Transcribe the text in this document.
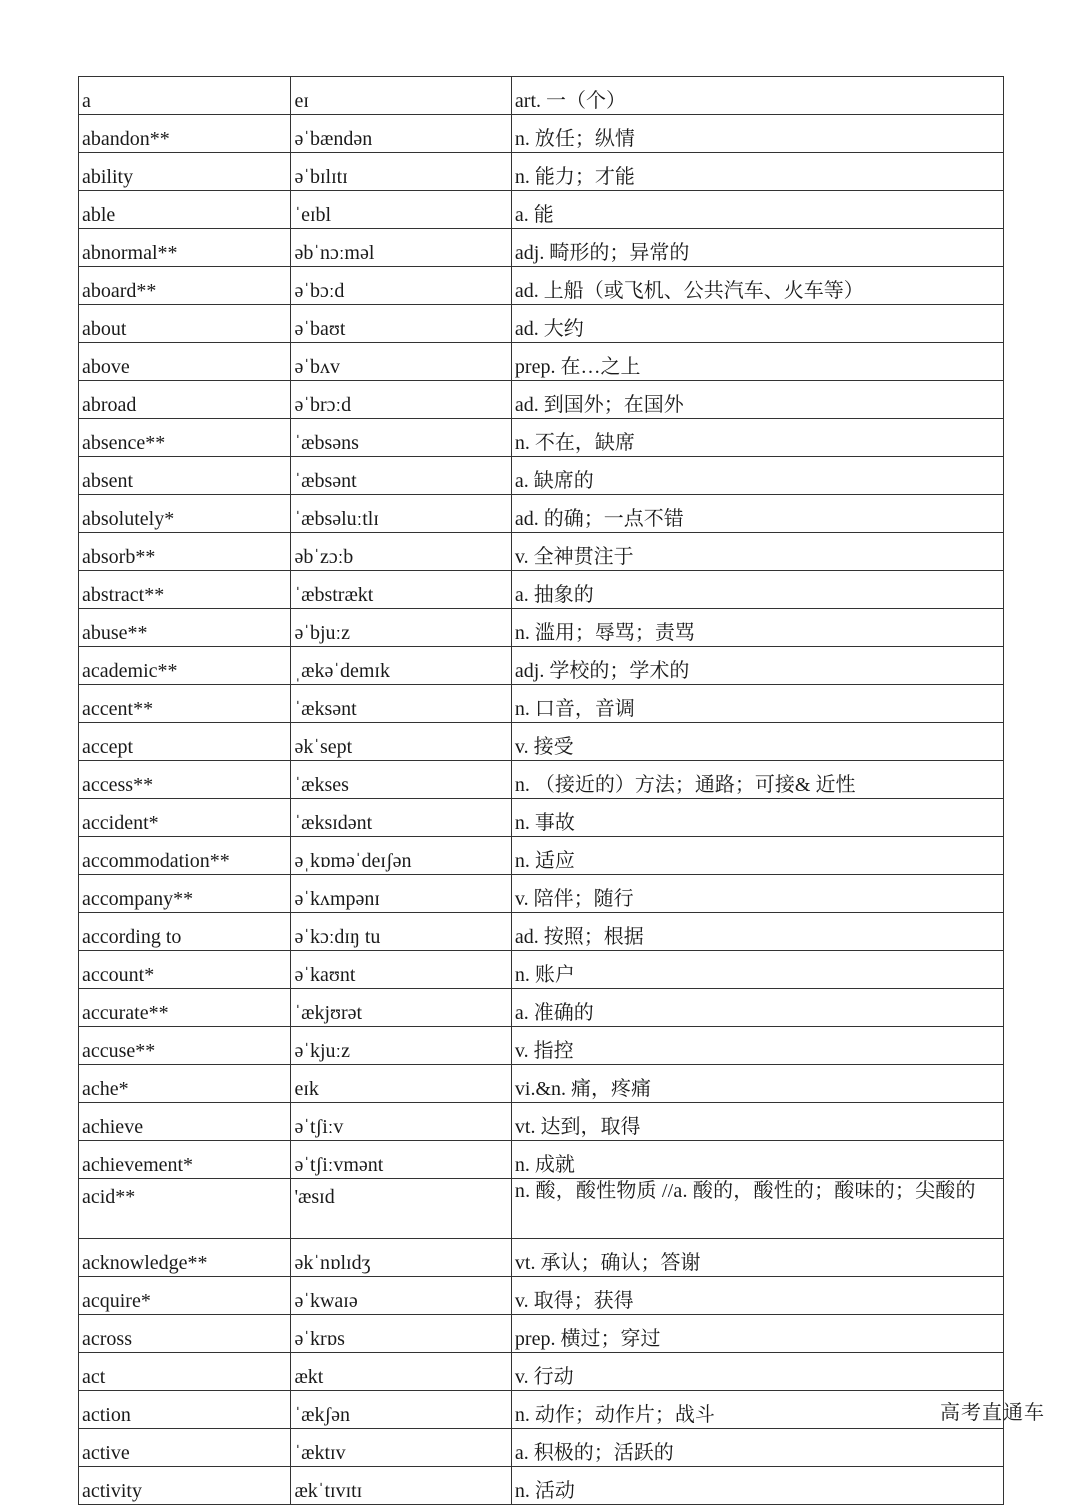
a	eɪ	art. 一（个）
abandon**	əˈbændən	n. 放任；纵情
ability	əˈbɪlɪtɪ	n. 能力；才能
able	ˈeɪbl	a. 能
abnormal**	əbˈnɔːməl	adj. 畸形的；异常的
aboard**	əˈbɔːd	ad. 上船（或飞机、公共汽车、火车等）
about	əˈbaʊt	ad. 大约
above	əˈbʌv	prep. 在…之上
abroad	əˈbrɔːd	ad. 到国外；在国外
absence**	ˈæbsəns	n. 不在，缺席
absent	ˈæbsənt	a. 缺席的
absolutely*	ˈæbsəluːtlɪ	ad. 的确；一点不错
absorb**	əbˈzɔːb	v. 全神贯注于
abstract**	ˈæbstrækt	a. 抽象的
abuse**	əˈbjuːz	n. 滥用；辱骂；责骂
academic**	ˌækəˈdemɪk	adj. 学校的；学术的
accent**	ˈæksənt	n. 口音，音调
accept	əkˈsept	v. 接受
access**	ˈækses	n. （接近的）方法；通路；可接& 近性
accident*	ˈæksɪdənt	n. 事故
accommodation**	əˌkɒməˈdeɪʃən	n. 适应
accompany**	əˈkʌmpənɪ	v. 陪伴；随行
according to	əˈkɔːdɪŋ tu	ad. 按照；根据
account*	əˈkaʊnt	n. 账户
accurate**	ˈækjʊrət	a. 准确的
accuse**	əˈkjuːz	v. 指控
ache*	eɪk	vi.&n. 痛，疼痛
achieve	əˈtʃiːv	vt. 达到，取得
achievement*	əˈtʃiːvmənt	n. 成就
acid**	'æsɪd	n. 酸，酸性物质 //a. 酸的，酸性的；酸味的；尖酸的
acknowledge**	əkˈnɒlɪdʒ	vt. 承认；确认；答谢
acquire*	əˈkwaɪə	v. 取得；获得
across	əˈkrɒs	prep. 横过；穿过
act	ækt	v. 行动
action	ˈækʃən	n. 动作；动作片；战斗
active	ˈæktɪv	a. 积极的；活跃的
activity	ækˈtɪvɪtɪ	n. 活动
高考直通车
